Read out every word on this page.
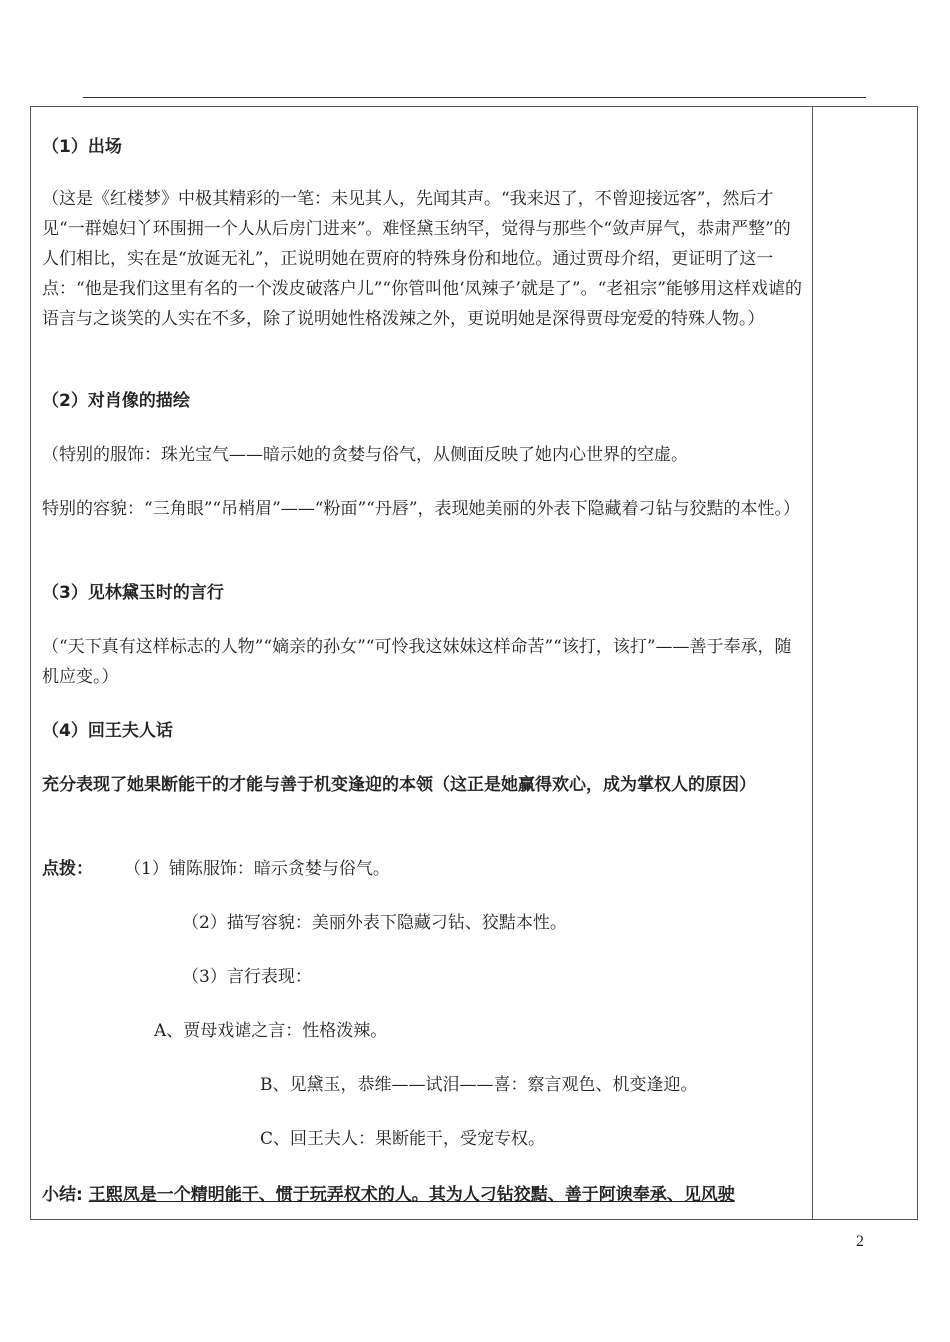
（1）出场

（这是《红楼梦》中极其精彩的一笔：未见其人，先闻其声。“我来迟了，不曾迎接远客”，然后才见“一群媳妇丫环围拥一个人从后房门进来”。难怪黛玉纳罕，觉得与那些个“敛声屏气，恭肃严整”的人们相比，实在是“放诞无礼”，正说明她在贾府的特殊身份和地位。通过贾母介绍，更证明了这一点：“他是我们这里有名的一个泼皮破落户儿”“你管叫他‘凤辣子’就是了”。“老祖宗”能够用这样戏谑的语言与之谈笑的人实在不多，除了说明她性格泼辣之外，更说明她是深得贾母宠爱的特殊人物。）

（2）对肖像的描绘

（特别的服饰：珠光宝气——暗示她的贪婪与俗气，从侧面反映了她内心世界的空虚。

特别的容貌：“三角眼”“吊梢眉”——“粉面”“丹唇”，表现她美丽的外表下隐藏着刁钻与狡黠的本性。）

（3）见林黛玉时的言行

（“天下真有这样标志的人物”“嫡亲的孙女”“可怜我这妹妹这样命苦”“该打，该打”——善于奉承，随机应变。）

（4）回王夫人话

充分表现了她果断能干的才能与善于机变逢迎的本领（这正是她赢得欢心，成为掌权人的原因）

点拨： （1）铺陈服饰：暗示贪婪与俗气。

（2）描写容貌：美丽外表下隐藏刁钻、狡黠本性。

（3）言行表现：

A、贾母戏谑之言：性格泼辣。

B、见黛玉，恭维——试泪——喜：察言观色、机变逢迎。

C、回王夫人：果断能干，受宠专权。

小结: 王熙凤是一个精明能干、惯于玩弄权术的人。其为人刁钻狡黠、善于阿谀奉承、见风驶

2
